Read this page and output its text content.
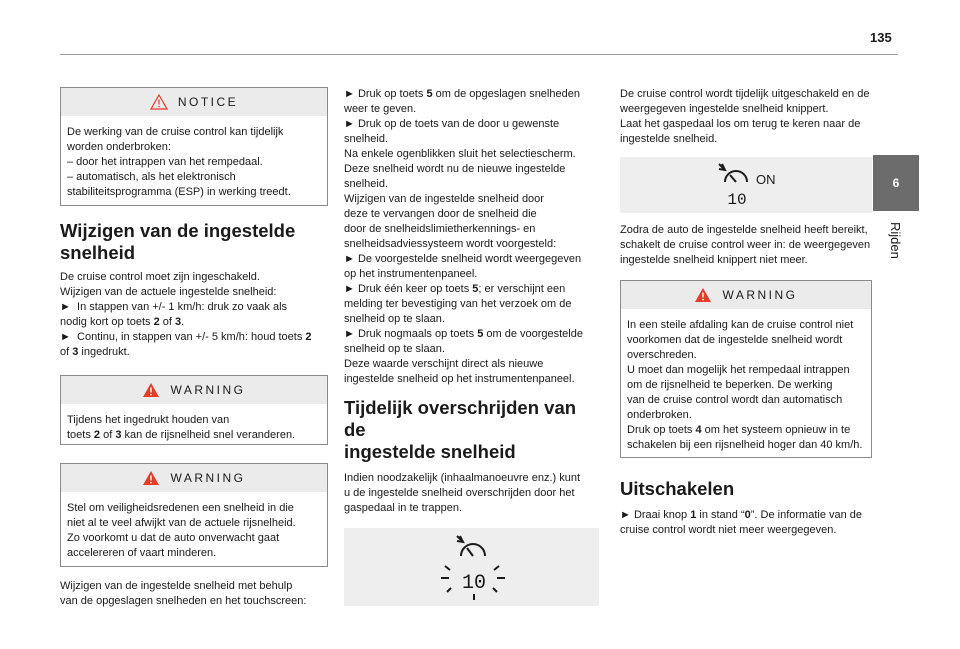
135
6
Rijden
NOTICE

De werking van de cruise control kan tijdelijk

worden onderbroken:

– door het intrappen van het rempedaal.

– automatisch, als het elektronisch

stabiliteitsprogramma (ESP) in werking treedt.

Wijzigen van de ingestelde
snelheid

De cruise control moet zijn ingeschakeld.

Wijzigen van de actuele ingestelde snelheid:

► In stappen van +/- 1 km/h: druk zo vaak als

nodig kort op toets 2 of 3.

► Continu, in stappen van +/- 5 km/h: houd toets 2

of 3 ingedrukt.

WARNING

Tijdens het ingedrukt houden van

toets 2 of 3 kan de rijsnelheid snel veranderen.

WARNING

Stel om veiligheidsredenen een snelheid in die

niet al te veel afwijkt van de actuele rijsnelheid.

Zo voorkomt u dat de auto onverwacht gaat

accelereren of vaart minderen.

Wijzigen van de ingestelde snelheid met behulp

van de opgeslagen snelheden en het touchscreen:

► Druk op toets 5 om de opgeslagen snelheden

weer te geven.

► Druk op de toets van de door u gewenste

snelheid.

Na enkele ogenblikken sluit het selectiescherm.

Deze snelheid wordt nu de nieuwe ingestelde

snelheid.

Wijzigen van de ingestelde snelheid door

deze te vervangen door de snelheid die

door de snelheidslimietherkennings- en

snelheidsadviessysteem wordt voorgesteld:

► De voorgestelde snelheid wordt weergegeven

op het instrumentenpaneel.

► Druk één keer op toets 5; er verschijnt een

melding ter bevestiging van het verzoek om de

snelheid op te slaan.

► Druk nogmaals op toets 5 om de voorgestelde

snelheid op te slaan.

Deze waarde verschijnt direct als nieuwe

ingestelde snelheid op het instrumentenpaneel.

Tijdelijk overschrijden van de
ingestelde snelheid

Indien noodzakelijk (inhaalmanoeuvre enz.) kunt

u de ingestelde snelheid overschrijden door het

gaspedaal in te trappen.

10

De cruise control wordt tijdelijk uitgeschakeld en de

weergegeven ingestelde snelheid knippert.

Laat het gaspedaal los om terug te keren naar de

ingestelde snelheid.

ON
10

Zodra de auto de ingestelde snelheid heeft bereikt,

schakelt de cruise control weer in: de weergegeven

ingestelde snelheid knippert niet meer.

WARNING

In een steile afdaling kan de cruise control niet

voorkomen dat de ingestelde snelheid wordt

overschreden.

U moet dan mogelijk het rempedaal intrappen

om de rijsnelheid te beperken. De werking

van de cruise control wordt dan automatisch

onderbroken.

Druk op toets 4 om het systeem opnieuw in te

schakelen bij een rijsnelheid hoger dan 40 km/h.

Uitschakelen

► Draai knop 1 in stand “0”. De informatie van de

cruise control wordt niet meer weergegeven.
